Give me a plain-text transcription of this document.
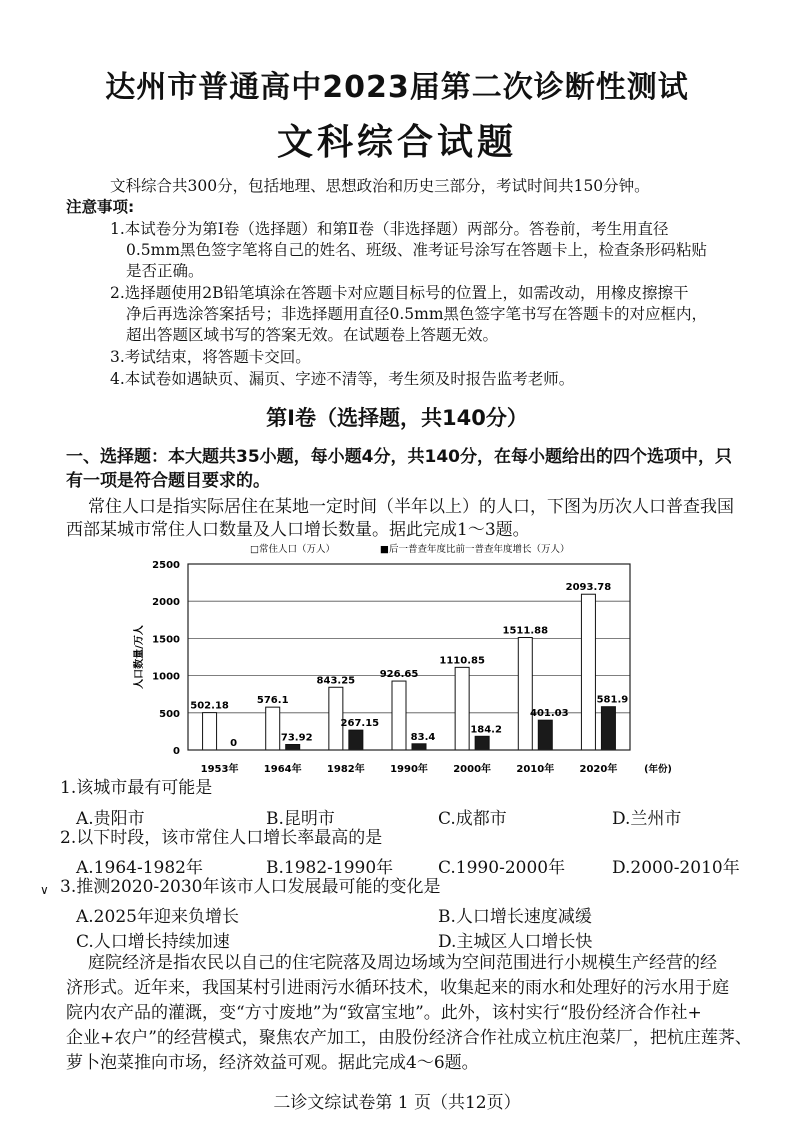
达州市普通高中2023届第二次诊断性测试
文科综合试题
文科综合共300分，包括地理、思想政治和历史三部分，考试时间共150分钟。
注意事项:
1.本试卷分为第Ⅰ卷（选择题）和第Ⅱ卷（非选择题）两部分。答卷前，考生用直径
0.5mm黑色签字笔将自己的姓名、班级、准考证号涂写在答题卡上，检查条形码粘贴
是否正确。
2.选择题使用2B铅笔填涂在答题卡对应题目标号的位置上，如需改动，用橡皮擦擦干
净后再选涂答案括号；非选择题用直径0.5mm黑色签字笔书写在答题卡的对应框内，
超出答题区域书写的答案无效。在试题卷上答题无效。
3.考试结束，将答题卡交回。
4.本试卷如遇缺页、漏页、字迹不清等，考生须及时报告监考老师。
第Ⅰ卷（选择题，共140分）
一、选择题：本大题共35小题，每小题4分，共140分，在每小题给出的四个选项中，只
有一项是符合题目要求的。
常住人口是指实际居住在某地一定时间（半年以上）的人口，下图为历次人口普查我国
西部某城市常住人口数量及人口增长数量。据此完成1～3题。
502.18
0
576.1
73.92
843.25
267.15
926.65
83.4
1110.85
184.2
1511.88
401.03
2093.78
581.9
0
500
1000
1500
2000
2500
人口数量/万人
1953年	1964年	1982年	1990年	2000年	2010年	2020年	(年份)
□常住人口（万人）	■后一普查年度比前一普查年度增长（万人）
1.该城市最有可能是
A.贵阳市	B.昆明市	C.成都市	D.兰州市
2.以下时段，该市常住人口增长率最高的是
A.1964-1982年	B.1982-1990年	C.1990-2000年	D.2000-2010年
∨ 3.推测2020-2030年该市人口发展最可能的变化是
A.2025年迎来负增长	B.人口增长速度减缓
C.人口增长持续加速	D.主城区人口增长快
庭院经济是指农民以自己的住宅院落及周边场域为空间范围进行小规模生产经营的经
济形式。近年来，我国某村引进雨污水循环技术，收集起来的雨水和处理好的污水用于庭
院内农产品的灌溉，变“方寸废地”为“致富宝地”。此外，该村实行“股份经济合作社+
企业+农户”的经营模式，聚焦农产加工，由股份经济合作社成立杭庄泡菜厂，把杭庄莲荠、
萝卜泡菜推向市场，经济效益可观。据此完成4～6题。
二诊文综试卷第 1 页（共12页）
